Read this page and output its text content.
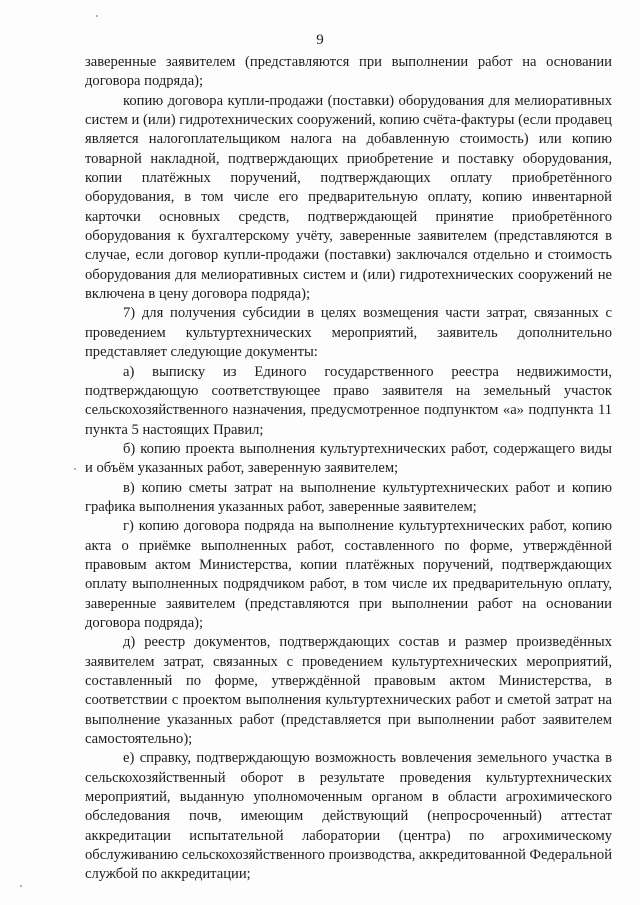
9

заверенные заявителем (представляются при выполнении работ на основании договора подряда);

копию договора купли-продажи (поставки) оборудования для мелиоративных систем и (или) гидротехнических сооружений, копию счёта-фактуры (если продавец является налогоплательщиком налога на добавленную стоимость) или копию товарной накладной, подтверждающих приобретение и поставку оборудования, копии платёжных поручений, подтверждающих оплату приобретённого оборудования, в том числе его предварительную оплату, копию инвентарной карточки основных средств, подтверждающей принятие приобретённого оборудования к бухгалтерскому учёту, заверенные заявителем (представляются в случае, если договор купли-продажи (поставки) заключался отдельно и стоимость оборудования для мелиоративных систем и (или) гидротехнических сооружений не включена в цену договора подряда);

7) для получения субсидии в целях возмещения части затрат, связанных с проведением культуртехнических мероприятий, заявитель дополнительно представляет следующие документы:

а) выписку из Единого государственного реестра недвижимости, подтверждающую соответствующее право заявителя на земельный участок сельскохозяйственного назначения, предусмотренное подпунктом «а» подпункта 11 пункта 5 настоящих Правил;

б) копию проекта выполнения культуртехнических работ, содержащего виды и объём указанных работ, заверенную заявителем;

в) копию сметы затрат на выполнение культуртехнических работ и копию графика выполнения указанных работ, заверенные заявителем;

г) копию договора подряда на выполнение культуртехнических работ, копию акта о приёмке выполненных работ, составленного по форме, утверждённой правовым актом Министерства, копии платёжных поручений, подтверждающих оплату выполненных подрядчиком работ, в том числе их предварительную оплату, заверенные заявителем (представляются при выполнении работ на основании договора подряда);

д) реестр документов, подтверждающих состав и размер произведённых заявителем затрат, связанных с проведением культуртехнических мероприятий, составленный по форме, утверждённой правовым актом Министерства, в соответствии с проектом выполнения культуртехнических работ и сметой затрат на выполнение указанных работ (представляется при выполнении работ заявителем самостоятельно);

е) справку, подтверждающую возможность вовлечения земельного участка в сельскохозяйственный оборот в результате проведения культуртехнических мероприятий, выданную уполномоченным органом в области агрохимического обследования почв, имеющим действующий (непросроченный) аттестат аккредитации испытательной лаборатории (центра) по агрохимическому обслуживанию сельскохозяйственного производства, аккредитованной Федеральной службой по аккредитации;
